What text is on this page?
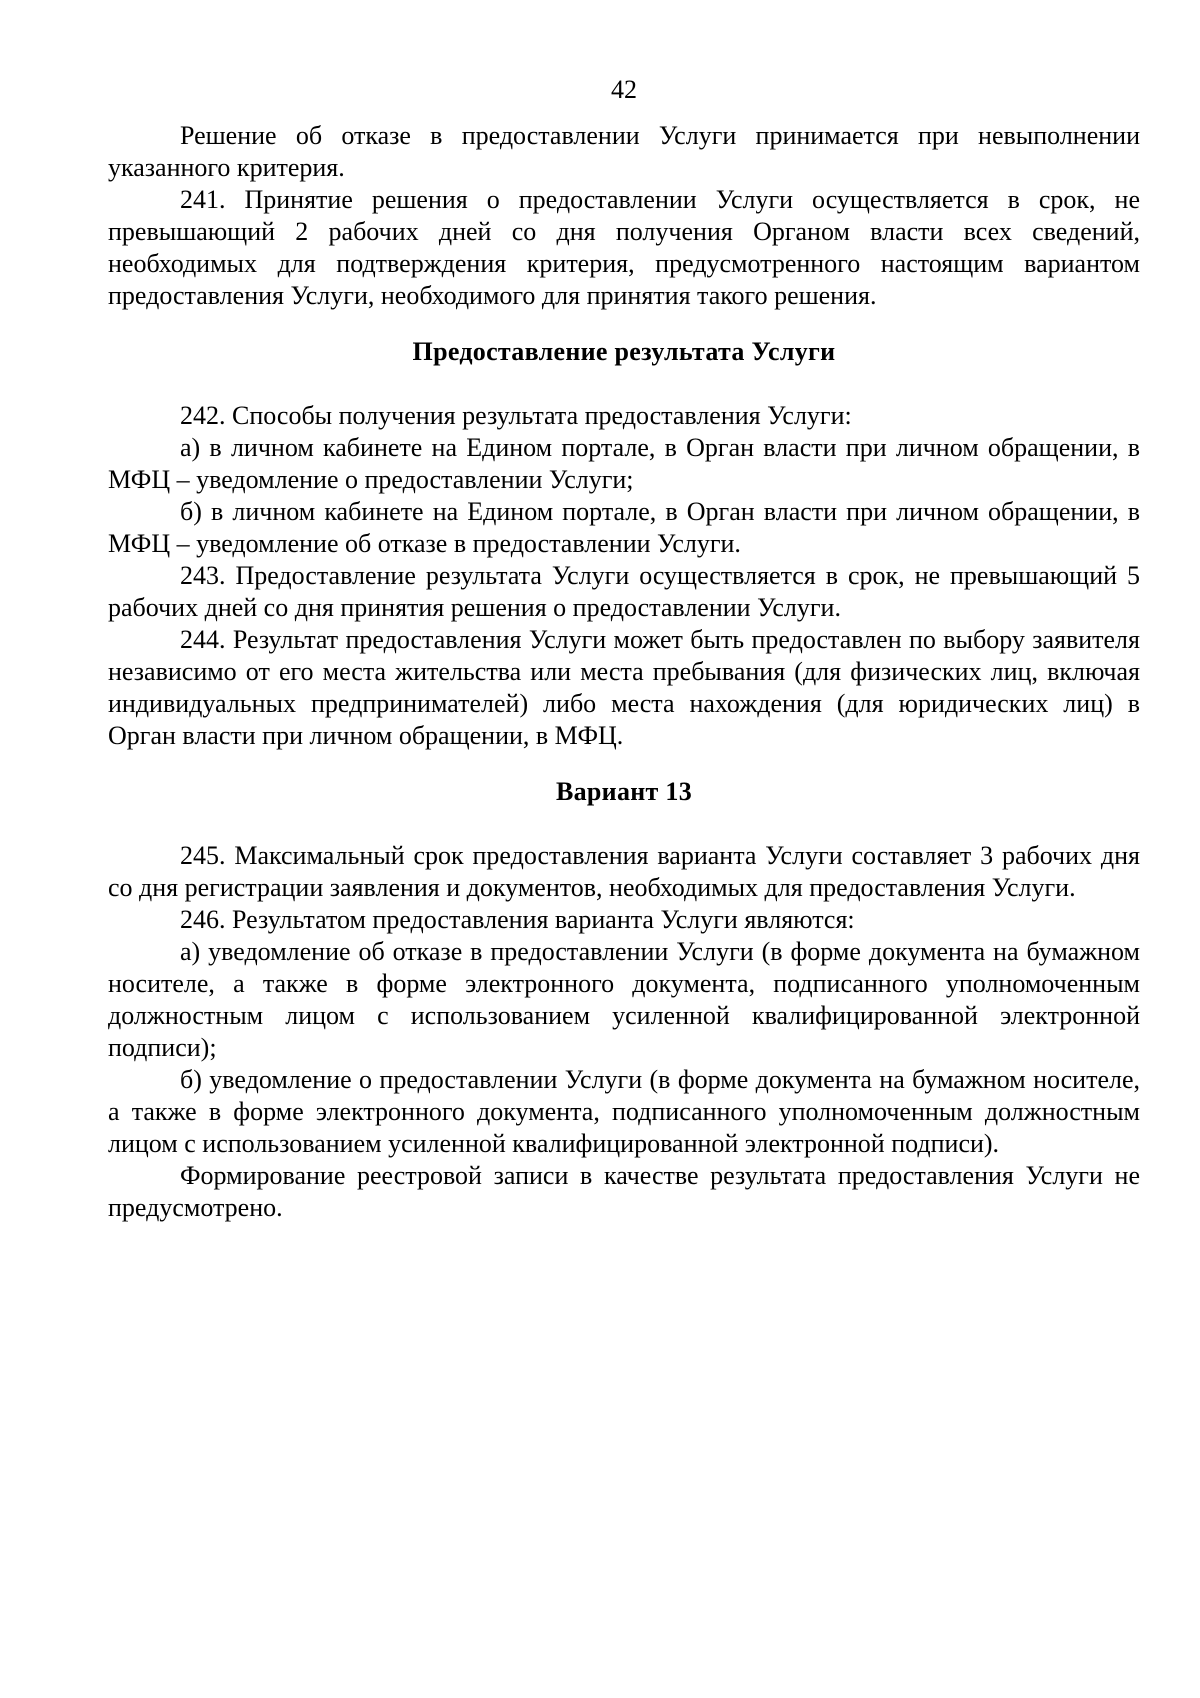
42

Решение об отказе в предоставлении Услуги принимается при невыполнении указанного критерия.

241. Принятие решения о предоставлении Услуги осуществляется в срок, не превышающий 2 рабочих дней со дня получения Органом власти всех сведений, необходимых для подтверждения критерия, предусмотренного настоящим вариантом предоставления Услуги, необходимого для принятия такого решения.

Предоставление результата Услуги

242. Способы получения результата предоставления Услуги:

а) в личном кабинете на Едином портале, в Орган власти при личном обращении, в МФЦ – уведомление о предоставлении Услуги;

б) в личном кабинете на Едином портале, в Орган власти при личном обращении, в МФЦ – уведомление об отказе в предоставлении Услуги.

243. Предоставление результата Услуги осуществляется в срок, не превышающий 5 рабочих дней со дня принятия решения о предоставлении Услуги.

244. Результат предоставления Услуги может быть предоставлен по выбору заявителя независимо от его места жительства или места пребывания (для физических лиц, включая индивидуальных предпринимателей) либо места нахождения (для юридических лиц) в Орган власти при личном обращении, в МФЦ.

Вариант 13

245. Максимальный срок предоставления варианта Услуги составляет 3 рабочих дня со дня регистрации заявления и документов, необходимых для предоставления Услуги.

246. Результатом предоставления варианта Услуги являются:

а) уведомление об отказе в предоставлении Услуги (в форме документа на бумажном носителе, а также в форме электронного документа, подписанного уполномоченным должностным лицом с использованием усиленной квалифицированной электронной подписи);

б) уведомление о предоставлении Услуги (в форме документа на бумажном носителе, а также в форме электронного документа, подписанного уполномоченным должностным лицом с использованием усиленной квалифицированной электронной подписи).

Формирование реестровой записи в качестве результата предоставления Услуги не предусмотрено.
